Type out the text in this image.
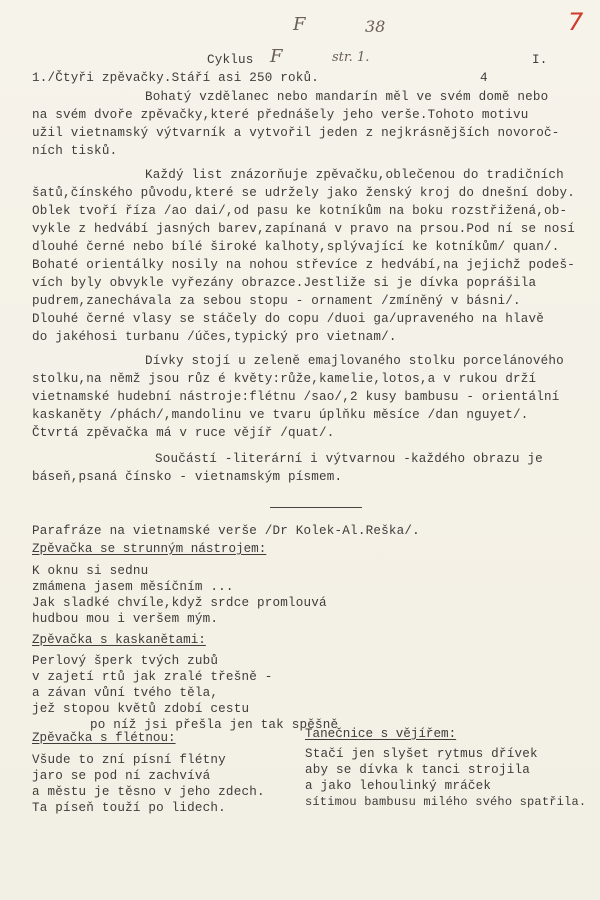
F	38
F	str. 1.
7
Cyklus	I.
1./Čtyři zpěvačky.Stáří asi 250 roků.	4
Bohatý vzdělanec nebo mandarín měl ve svém domě nebo
na svém dvoře zpěvačky,které přednášely jeho verše.Tohoto motivu
užil vietnamský výtvarník a vytvořil jeden z nejkrásnějších novoroč-
ních tisků.
Každý list znázorňuje zpěvačku,oblečenou do tradičních
šatů,čínského původu,které se udržely jako ženský kroj do dnešní doby.
Oblek tvoří říza /ao dai/,od pasu ke kotníkům na boku rozstřižená,ob-
vykle z hedvábí jasných barev,zapínaná v pravo na prsou.Pod ní se nosí
dlouhé černé nebo bílé široké kalhoty,splývající ke kotníkům/ quan/.
Bohaté orientálky nosily na nohou střevíce z hedvábí,na jejichž podeš-
vích byly obvykle vyřezány obrazce.Jestliže si je dívka poprášila
pudrem,zanechávala za sebou stopu - ornament /zmíněný v básni/.
Dlouhé černé vlasy se stáčely do copu /duoi ga/upraveného na hlavě
do jakéhosi turbanu /účes,typický pro vietnam/.
Dívky stojí u zeleně emajlovaného stolku porcelánového
stolku,na němž jsou růz é květy:růže,kamelie,lotos,a v rukou drží
vietnamské hudební nástroje:flétnu /sao/,2 kusy bambusu - orientální
kaskaněty /phách/,mandolinu ve tvaru úplňku měsíce /dan nguyet/.
Čtvrtá zpěvačka má v ruce vějíř /quat/.
Součástí -literární i výtvarnou -každého obrazu je
báseň,psaná čínsko - vietnamským písmem.
Parafráze na vietnamské verše /Dr Kolek-Al.Reška/.
Zpěvačka se strunným nástrojem:
K oknu si sednu
zmámena jasem měsíčním ...
Jak sladké chvíle,když srdce promlouvá
hudbou mou i veršem mým.
Zpěvačka s kaskanětami:
Perlový šperk tvých zubů
v zajetí rtů jak zralé třešně -
a závan vůní tvého těla,
jež stopou květů zdobí cestu
po níž jsi přešla jen tak spěšně
Zpěvačka s flétnou:
Všude to zní písní flétny
jaro se pod ní zachvívá
a městu je těsno v jeho zdech.
Ta píseň touží po lidech.
Tanečnice s vějířem:
Stačí jen slyšet rytmus dřívek
aby se dívka k tanci strojila
a jako lehoulinký mráček
sítimou bambusu milého svého spatřila.
